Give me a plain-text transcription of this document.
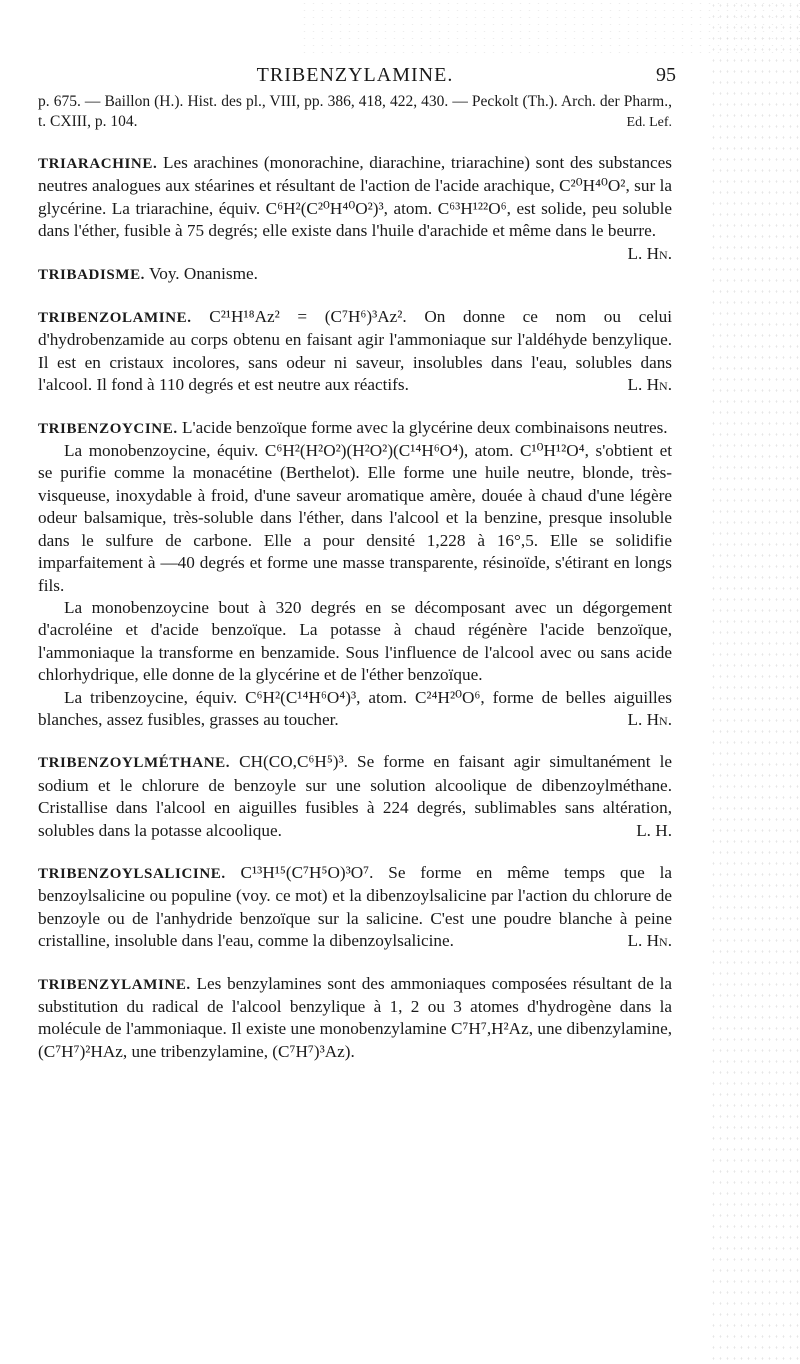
TRIBENZYLAMINE.	95

p. 675. — Baillon (H.). Hist. des pl., VIII, pp. 386, 418, 422, 430. — Peckolt (Th.). Arch. der Pharm., t. CXIII, p. 104.	Ed. Lef.

TRIARACHINE. Les arachines (monorachine, diarachine, triarachine) sont des substances neutres analogues aux stéarines et résultant de l'action de l'acide arachique, C²⁰H⁴⁰O², sur la glycérine. La triarachine, équiv. C⁶H²(C²⁰H⁴⁰O²)³, atom. C⁶³H¹²²O⁶, est solide, peu soluble dans l'éther, fusible à 75 degrés; elle existe dans l'huile d'arachide et même dans le beurre.
L. Hn.

TRIBADISME. Voy. Onanisme.

TRIBENZOLAMINE. C²¹H¹⁸Az² = (C⁷H⁶)³Az². On donne ce nom ou celui d'hydrobenzamide au corps obtenu en faisant agir l'ammoniaque sur l'aldéhyde benzylique. Il est en cristaux incolores, sans odeur ni saveur, insolubles dans l'eau, solubles dans l'alcool. Il fond à 110 degrés et est neutre aux réactifs.	L. Hn.

TRIBENZOYCINE. L'acide benzoïque forme avec la glycérine deux combinaisons neutres.

La monobenzoycine, équiv. C⁶H²(H²O²)(H²O²)(C¹⁴H⁶O⁴), atom. C¹⁰H¹²O⁴, s'obtient et se purifie comme la monacétine (Berthelot). Elle forme une huile neutre, blonde, très-visqueuse, inoxydable à froid, d'une saveur aromatique amère, douée à chaud d'une légère odeur balsamique, très-soluble dans l'éther, dans l'alcool et la benzine, presque insoluble dans le sulfure de carbone. Elle a pour densité 1,228 à 16°,5. Elle se solidifie imparfaitement à —40 degrés et forme une masse transparente, résinoïde, s'étirant en longs fils.

La monobenzoycine bout à 320 degrés en se décomposant avec un dégorgement d'acroléine et d'acide benzoïque. La potasse à chaud régénère l'acide benzoïque, l'ammoniaque la transforme en benzamide. Sous l'influence de l'alcool avec ou sans acide chlorhydrique, elle donne de la glycérine et de l'éther benzoïque.

La tribenzoycine, équiv. C⁶H²(C¹⁴H⁶O⁴)³, atom. C²⁴H²⁰O⁶, forme de belles aiguilles blanches, assez fusibles, grasses au toucher.	L. Hn.

TRIBENZOYLMÉTHANE. CH(CO,C⁶H⁵)³. Se forme en faisant agir simultanément le sodium et le chlorure de benzoyle sur une solution alcoolique de dibenzoylméthane. Cristallise dans l'alcool en aiguilles fusibles à 224 degrés, sublimables sans altération, solubles dans la potasse alcoolique.	L. H.

TRIBENZOYLSALICINE. C¹³H¹⁵(C⁷H⁵O)³O⁷. Se forme en même temps que la benzoylsalicine ou populine (voy. ce mot) et la dibenzoylsalicine par l'action du chlorure de benzoyle ou de l'anhydride benzoïque sur la salicine. C'est une poudre blanche à peine cristalline, insoluble dans l'eau, comme la dibenzoylsalicine.	L. Hn.

TRIBENZYLAMINE. Les benzylamines sont des ammoniaques composées résultant de la substitution du radical de l'alcool benzylique à 1, 2 ou 3 atomes d'hydrogène dans la molécule de l'ammoniaque. Il existe une monobenzylamine C⁷H⁷,H²Az, une dibenzylamine, (C⁷H⁷)²HAz, une tribenzylamine, (C⁷H⁷)³Az).
